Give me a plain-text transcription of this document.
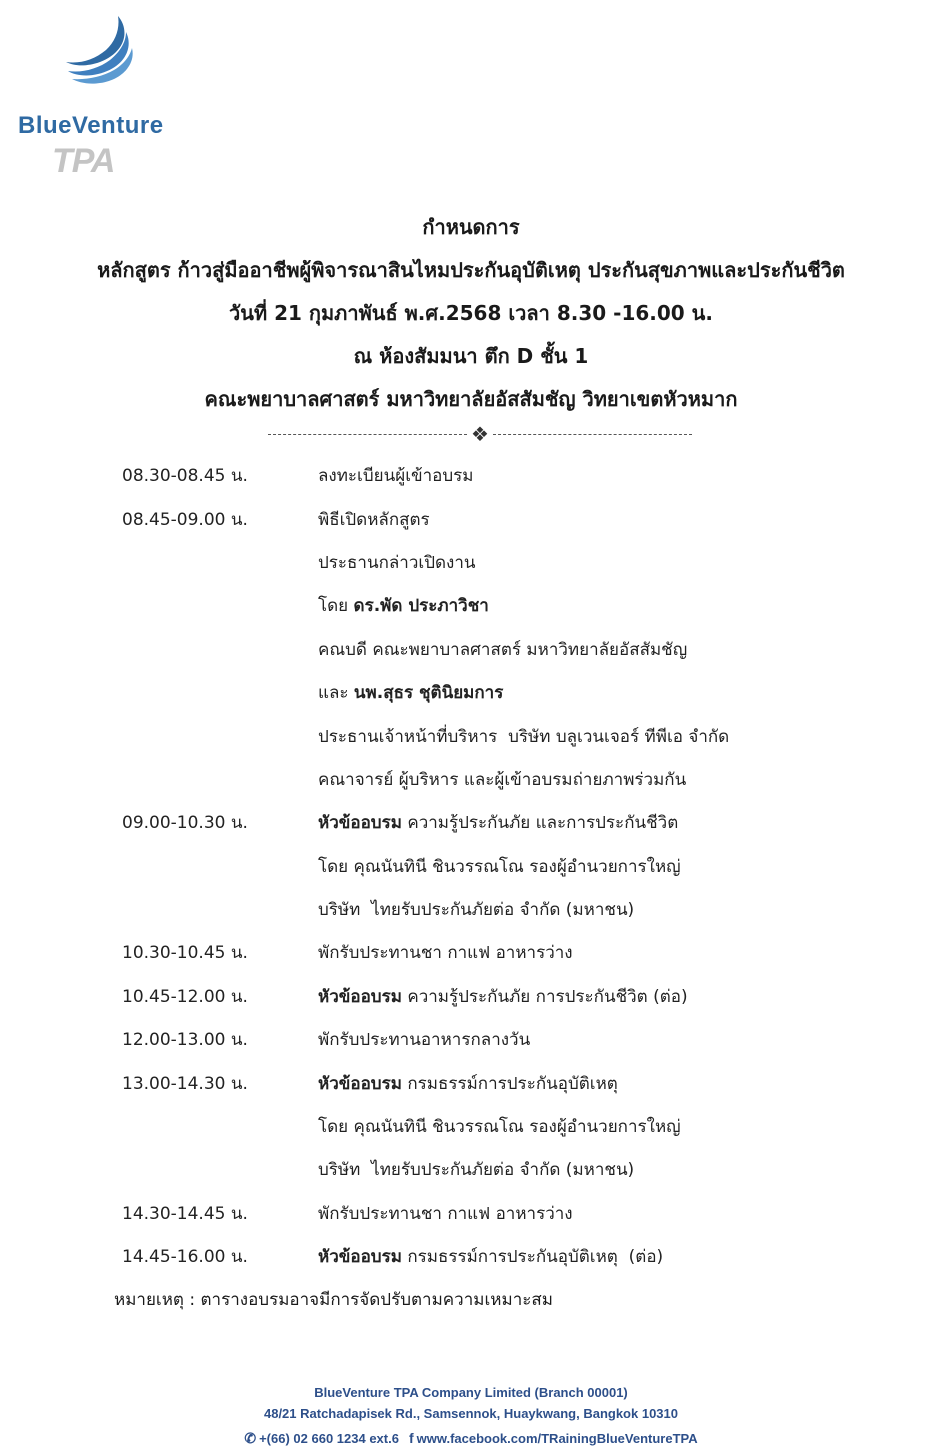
BlueVenture
TPA
กำหนดการ
หลักสูตร ก้าวสู่มืออาชีพผู้พิจารณาสินไหมประกันอุบัติเหตุ ประกันสุขภาพและประกันชีวิต
วันที่ 21 กุมภาพันธ์ พ.ศ.2568 เวลา 8.30 -16.00 น.
ณ ห้องสัมมนา ตึก D ชั้น 1
คณะพยาบาลศาสตร์ มหาวิทยาลัยอัสสัมชัญ วิทยาเขตหัวหมาก
❖
08.30-08.45 น.	ลงทะเบียนผู้เข้าอบรม
08.45-09.00 น.	พิธีเปิดหลักสูตร
ประธานกล่าวเปิดงาน
โดย ดร.พัด ประภาวิชา
คณบดี คณะพยาบาลศาสตร์ มหาวิทยาลัยอัสสัมชัญ
และ นพ.สุธร ชุตินิยมการ
ประธานเจ้าหน้าที่บริหาร  บริษัท บลูเวนเจอร์ ทีพีเอ จำกัด
คณาจารย์ ผู้บริหาร และผู้เข้าอบรมถ่ายภาพร่วมกัน
09.00-10.30 น.	หัวข้ออบรม ความรู้ประกันภัย และการประกันชีวิต
โดย คุณนันทินี ชินวรรณโณ รองผู้อำนวยการใหญ่
บริษัท  ไทยรับประกันภัยต่อ จำกัด (มหาชน)
10.30-10.45 น.	พักรับประทานชา กาแฟ อาหารว่าง
10.45-12.00 น.	หัวข้ออบรม ความรู้ประกันภัย การประกันชีวิต (ต่อ)
12.00-13.00 น.	พักรับประทานอาหารกลางวัน
13.00-14.30 น.	หัวข้ออบรม กรมธรรม์การประกันอุบัติเหตุ
โดย คุณนันทินี ชินวรรณโณ รองผู้อำนวยการใหญ่
บริษัท  ไทยรับประกันภัยต่อ จำกัด (มหาชน)
14.30-14.45 น.	พักรับประทานชา กาแฟ อาหารว่าง
14.45-16.00 น.	หัวข้ออบรม กรมธรรม์การประกันอุบัติเหตุ  (ต่อ)
หมายเหตุ : ตารางอบรมอาจมีการจัดปรับตามความเหมาะสม
BlueVenture TPA Company Limited (Branch 00001)
48/21 Ratchadapisek Rd., Samsennok, Huaykwang, Bangkok 10310
✆ +(66) 02 660 1234 ext.6 f www.facebook.com/TRainingBlueVentureTPA
